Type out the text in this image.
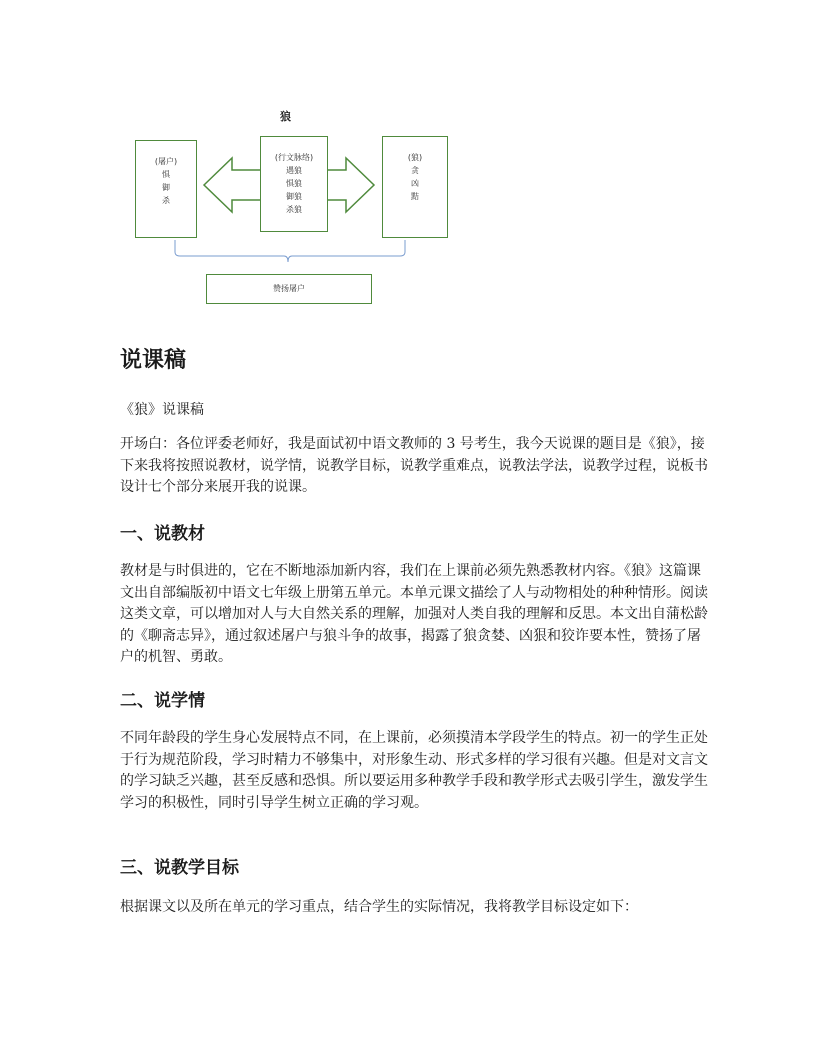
狼
(屠户)
惧
御
杀
(行文脉络)
遇狼
惧狼
御狼
杀狼
(狼)
贪
凶
黠
赞扬屠户
说课稿

《狼》说课稿

开场白：各位评委老师好，我是面试初中语文教师的 3 号考生，我今天说课的题目是《狼》，接下来我将按照说教材，说学情，说教学目标，说教学重难点，说教法学法，说教学过程，说板书设计七个部分来展开我的说课。

一、说教材

教材是与时俱进的，它在不断地添加新内容，我们在上课前必须先熟悉教材内容。《狼》这篇课文出自部编版初中语文七年级上册第五单元。本单元课文描绘了人与动物相处的种种情形。阅读这类文章，可以增加对人与大自然关系的理解，加强对人类自我的理解和反思。本文出自蒲松龄的《聊斋志异》，通过叙述屠户与狼斗争的故事，揭露了狼贪婪、凶狠和狡诈要本性，赞扬了屠户的机智、勇敢。

二、说学情

不同年龄段的学生身心发展特点不同，在上课前，必须摸清本学段学生的特点。初一的学生正处于行为规范阶段，学习时精力不够集中，对形象生动、形式多样的学习很有兴趣。但是对文言文的学习缺乏兴趣，甚至反感和恐惧。所以要运用多种教学手段和教学形式去吸引学生，激发学生学习的积极性，同时引导学生树立正确的学习观。

三、说教学目标

根据课文以及所在单元的学习重点，结合学生的实际情况，我将教学目标设定如下：
